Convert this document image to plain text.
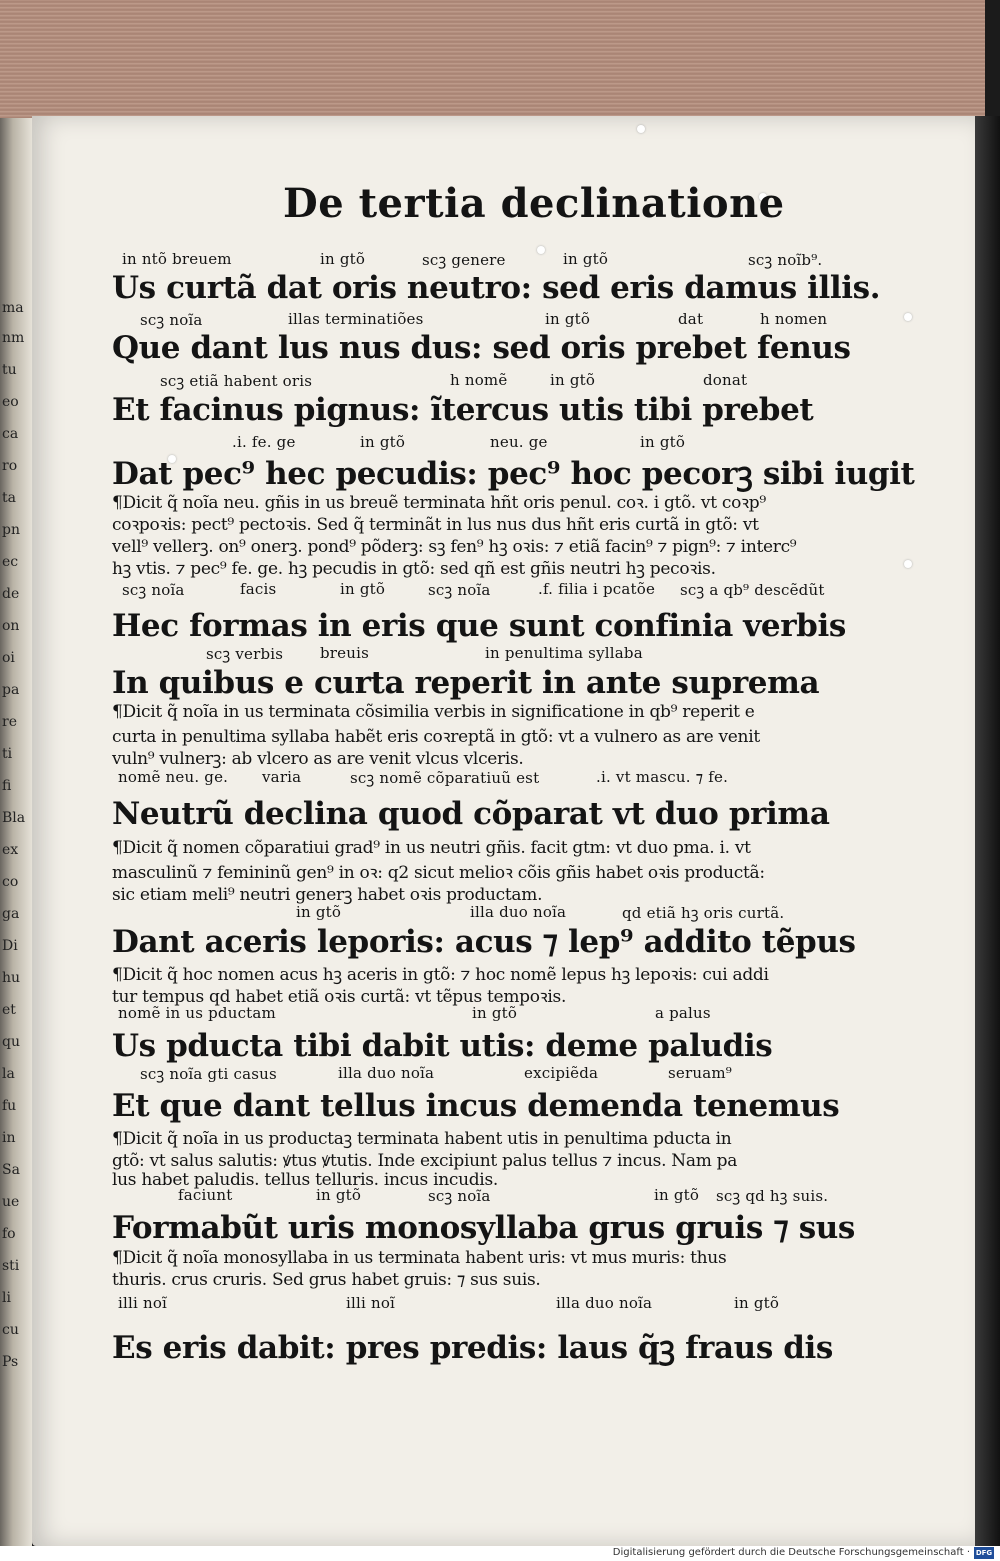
ma
nm
tu
eo
ca
ro
ta
pn
ec
de
on
oi
pa
re
ti
fi
Bla
ex
co
ga
Di
hu
et
qu
la
fu
in
Sa
ue
fo
sti
li
cu
Ps
De tertia declinatione
in ntõ breuem	in gtõ	scꝫ genere	in gtõ	scꝫ noĩb⁹.
Us curtã dat oris neutro: sed eris damus illis.
scꝫ noĩa	illas terminatiões	in gtõ	dat	h nomen
Que dant lus nus dus: sed oris prebet fenus
scꝫ etiã habent oris	h nomẽ	in gtõ	donat
Et facinus pignus: ĩtercus utis tibi prebet
.i. fe. ge	in gtõ	neu. ge	in gtõ
Dat pec⁹ hec pecudis: pec⁹ hoc pecorꝫ sibi iugit
¶Dicit q̃ noĩa neu. gñis in us breuẽ terminata hñt oris penul. coꝛ. i gtõ. vt coꝛp⁹
coꝛpoꝛis: pect⁹ pectoꝛis. Sed q̃ terminãt in lus nus dus hñt eris curtã in gtõ: vt
vell⁹ vellerꝫ. on⁹ onerꝫ. pond⁹ põderꝫ: sꝫ fen⁹ hꝫ oꝛis: ⁊ etiã facin⁹ ⁊ pign⁹: ⁊ interc⁹
hꝫ vtis. ⁊ pec⁹ fe. ge. hꝫ pecudis in gtõ: sed qñ est gñis neutri hꝫ pecoꝛis.
scꝫ noĩa	facis	in gtõ	scꝫ noĩa	.f. filia i pcatõe scꝫ a qb⁹ descẽdũt
Hec formas in eris que sunt confinia verbis
scꝫ verbis breuis	in penultima syllaba
In quibus e curta reperit in ante suprema
¶Dicit q̃ noĩa in us terminata cõsimilia verbis in significatione in qb⁹ reperit e
curta in penultima syllaba habẽt eris coꝛreptã in gtõ: vt a vulnero as are venit
vuln⁹ vulnerꝫ: ab vlcero as are venit vlcus vlceris.
nomẽ neu. ge. varia	scꝫ nomẽ cõparatiuũ est	.i. vt mascu. ⁊ fe.
Neutrũ declina quod cõparat vt duo prima
¶Dicit q̃ nomen cõparatiui grad⁹ in us neutri gñis. facit gtm: vt duo pma. i. vt
masculinũ ⁊ femininũ gen⁹ in oꝛ: q2 sicut melioꝛ cõis gñis habet oꝛis productã:
sic etiam meli⁹ neutri generꝫ habet oꝛis productam.
in gtõ	illa duo noĩa	qd etiã hꝫ oris curtã.
Dant aceris leporis: acus ⁊ lep⁹ addito tẽpus
¶Dicit q̃ hoc nomen acus hꝫ aceris in gtõ: ⁊ hoc nomẽ lepus hꝫ lepoꝛis: cui addi
tur tempus qd habet etiã oꝛis curtã: vt tẽpus tempoꝛis.
nomẽ in us pductam	in gtõ	a palus
Us pducta tibi dabit utis: deme paludis
scꝫ noĩa gti casus	illa duo noĩa	excipiẽda	seruam⁹
Et que dant tellus incus demenda tenemus
¶Dicit q̃ noĩa in us productaꝫ terminata habent utis in penultima pducta in
gtõ: vt salus salutis: ꝟtus ꝟtutis. Inde excipiunt palus tellus ⁊ incus. Nam pa
lus habet paludis. tellus telluris. incus incudis.
faciunt	in gtõ	scꝫ noĩa	in gtõ scꝫ qd hꝫ suis.
Formabũt uris monosyllaba grus gruis ⁊ sus
¶Dicit q̃ noĩa monosyllaba in us terminata habent uris: vt mus muris: thus
thuris. crus cruris. Sed grus habet gruis: ⁊ sus suis.
illi noĩ	illi noĩ	illa duo noĩa	in gtõ
Es eris dabit: pres predis: laus q̃ꝫ fraus dis
Digitalisierung gefördert durch die Deutsche Forschungsgemeinschaft · DFG
